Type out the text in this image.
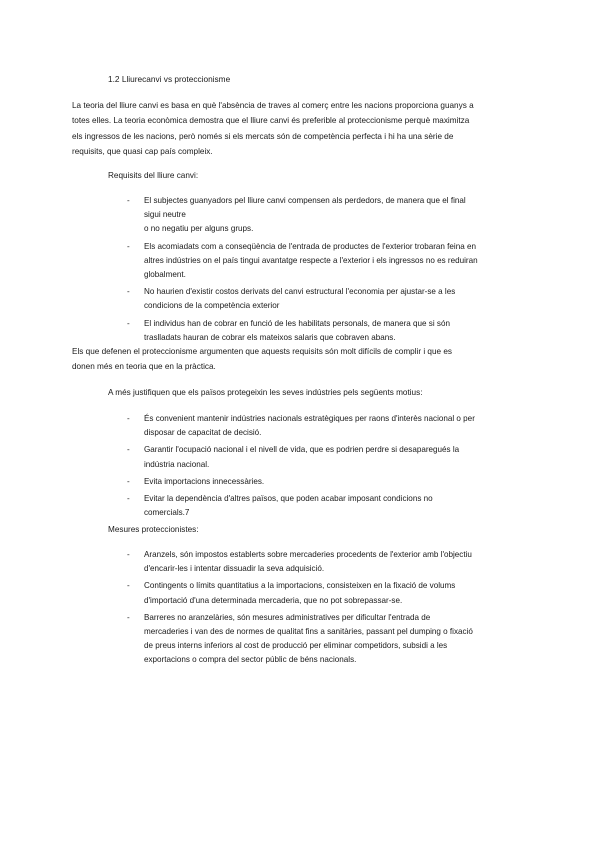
1.2 Lliurecanvi vs proteccionisme

La teoria del lliure canvi es basa en què l'absència de traves al comerç entre les nacions proporciona guanys a
totes elles. La teoria econòmica demostra que el lliure canvi és preferible al proteccionisme perquè maximitza
els ingressos de les nacions, però només si els mercats són de competència perfecta i hi ha una sèrie de
requisits, que quasi cap país compleix.

Requisits del lliure canvi:

- El subjectes guanyadors pel lliure canvi compensen als perdedors, de manera que el final
sigui neutre
o no negatiu per alguns grups.
- Els acomiadats com a conseqüència de l'entrada de productes de l'exterior trobaran feina en
altres indústries on el país tingui avantatge respecte a l'exterior i els ingressos no es reduiran
globalment.
- No haurien d'existir costos derivats del canvi estructural l'economia per ajustar-se a les
condicions de la competència exterior
- El individus han de cobrar en funció de les habilitats personals, de manera que si són
traslladats hauran de cobrar els mateixos salaris que cobraven abans.

Els que defenen el proteccionisme argumenten que aquests requisits són molt difícils de complir i que es
donen més en teoria que en la pràctica.

A més justifiquen que els països protegeixin les seves indústries pels següents motius:

- És convenient mantenir indústries nacionals estratègiques per raons d'interès nacional o per
disposar de capacitat de decisió.
- Garantir l'ocupació nacional i el nivell de vida, que es podrien perdre si desaparegués la
indústria nacional.
- Evita importacions innecessàries.
- Evitar la dependència d'altres països, que poden acabar imposant condicions no
comercials.7

Mesures proteccionistes:

- Aranzels, són impostos establerts sobre mercaderies procedents de l'exterior amb l'objectiu
d'encarir-les i intentar dissuadir la seva adquisició.
- Contingents o límits quantitatius a la importacions, consisteixen en la fixació de volums
d'importació d'una determinada mercaderia, que no pot sobrepassar-se.
- Barreres no aranzelàries, són mesures administratives per dificultar l'entrada de
mercaderies i van des de normes de qualitat fins a sanitàries, passant pel dumping o fixació
de preus interns inferiors al cost de producció per eliminar competidors, subsidi a les
exportacions o compra del sector públic de béns nacionals.
